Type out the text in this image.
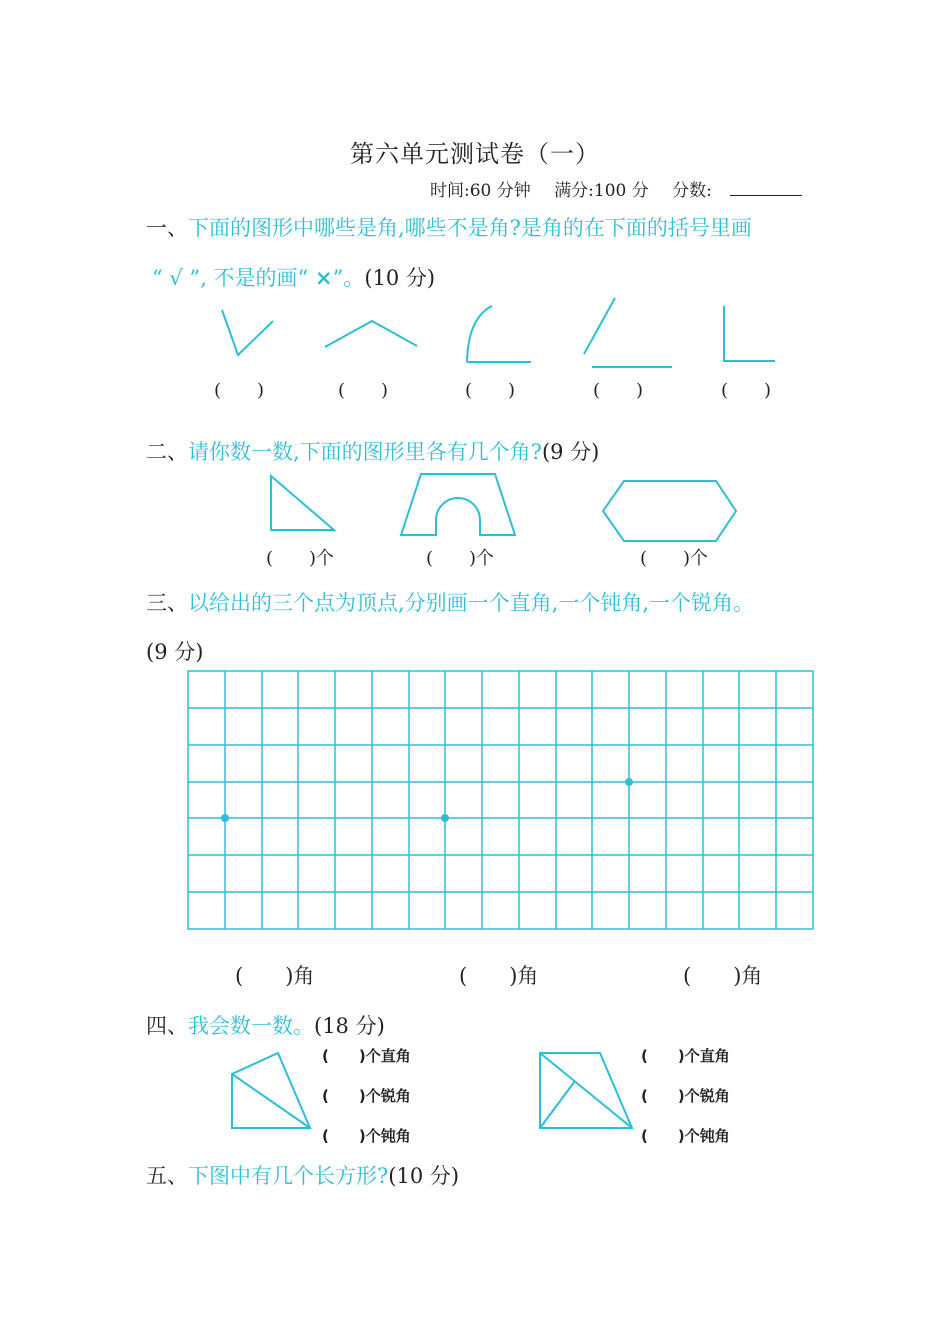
第六单元测试卷（一）
时间:60 分钟 满分:100 分 分数:
一、下面的图形中哪些是角,哪些不是角?是角的在下面的括号里画
“ √ ”, 不是的画“ ×”。(10 分)
(　　)	(　　)	(　　)	(　　)	(　　)
二、请你数一数,下面的图形里各有几个角?(9 分)
(　　)个	(　　)个	(　　)个
三、以给出的三个点为顶点,分别画一个直角,一个钝角,一个锐角。
(9 分)
(　　)角	(　　)角	(　　)角
四、我会数一数。(18 分)
(　　)个直角
(　　)个锐角
(　　)个钝角
(　　)个直角
(　　)个锐角
(　　)个钝角
五、下图中有几个长方形?(10 分)
